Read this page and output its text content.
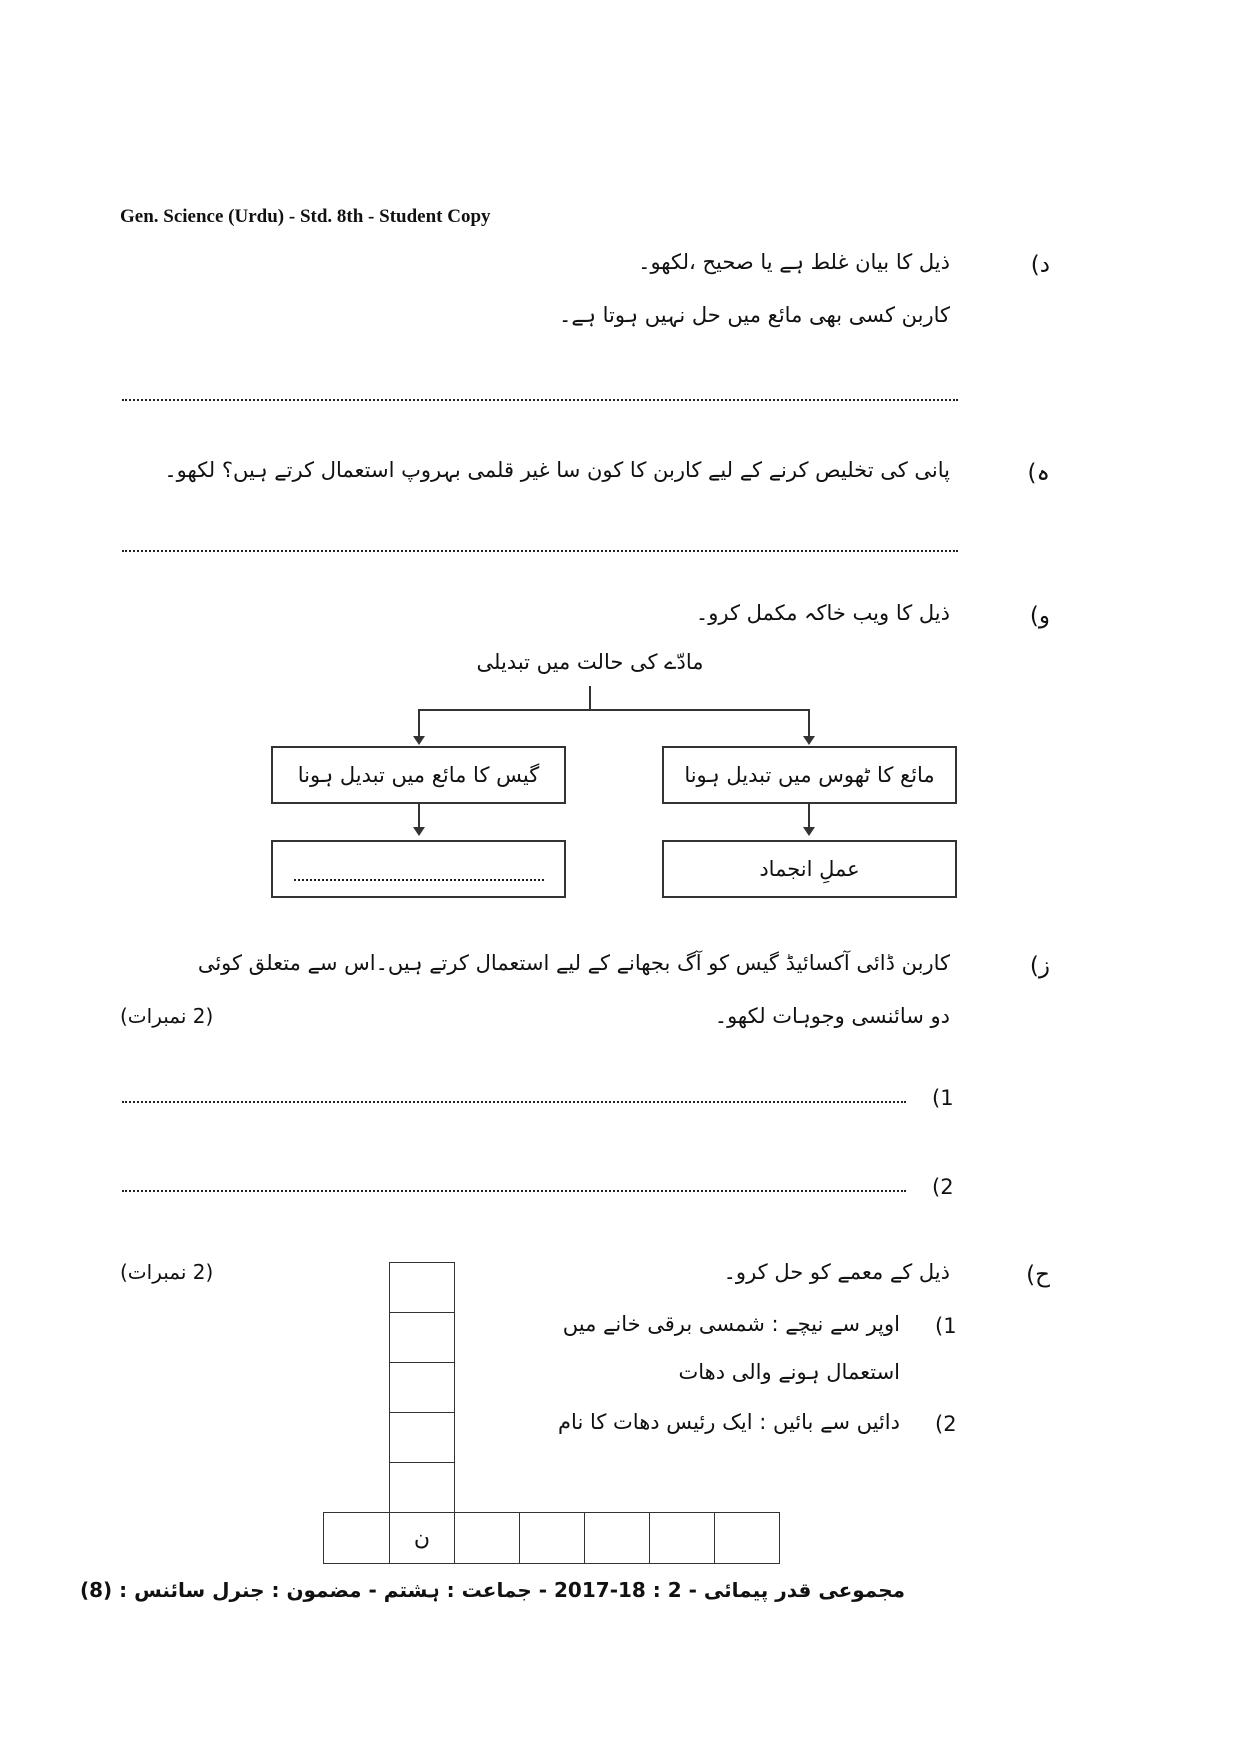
Gen. Science (Urdu) - Std. 8th - Student Copy
د)
ذیل کا بیان غلط ہے یا صحیح ،لکھو۔
کاربن کسی بھی مائع میں حل نہیں ہوتا ہے۔
ہ)
پانی کی تخلیص کرنے کے لیے کاربن کا کون سا غیر قلمی بہروپ استعمال کرتے ہیں؟ لکھو۔
و)
ذیل کا ویب خاکہ مکمل کرو۔
مادّے کی حالت میں تبدیلی
گیس کا مائع میں تبدیل ہونا	مائع کا ٹھوس میں تبدیل ہونا
عملِ انجماد
ز)
کاربن ڈائی آکسائیڈ گیس کو آگ بجھانے کے لیے استعمال کرتے ہیں۔اس سے متعلق کوئی
دو سائنسی وجوہات لکھو۔
(2 نمبرات)
1)
2)
ح)
ذیل کے معمے کو حل کرو۔
(2 نمبرات)
1)
اوپر سے نیچے : شمسی برقی خانے میں
استعمال ہونے والی دھات
2)
دائیں سے بائیں : ایک رئیس دھات کا نام
ن
مجموعی قدر پیمائی - 2 : 18-2017 - جماعت : ہشتم - مضمون : جنرل سائنس : (8)
